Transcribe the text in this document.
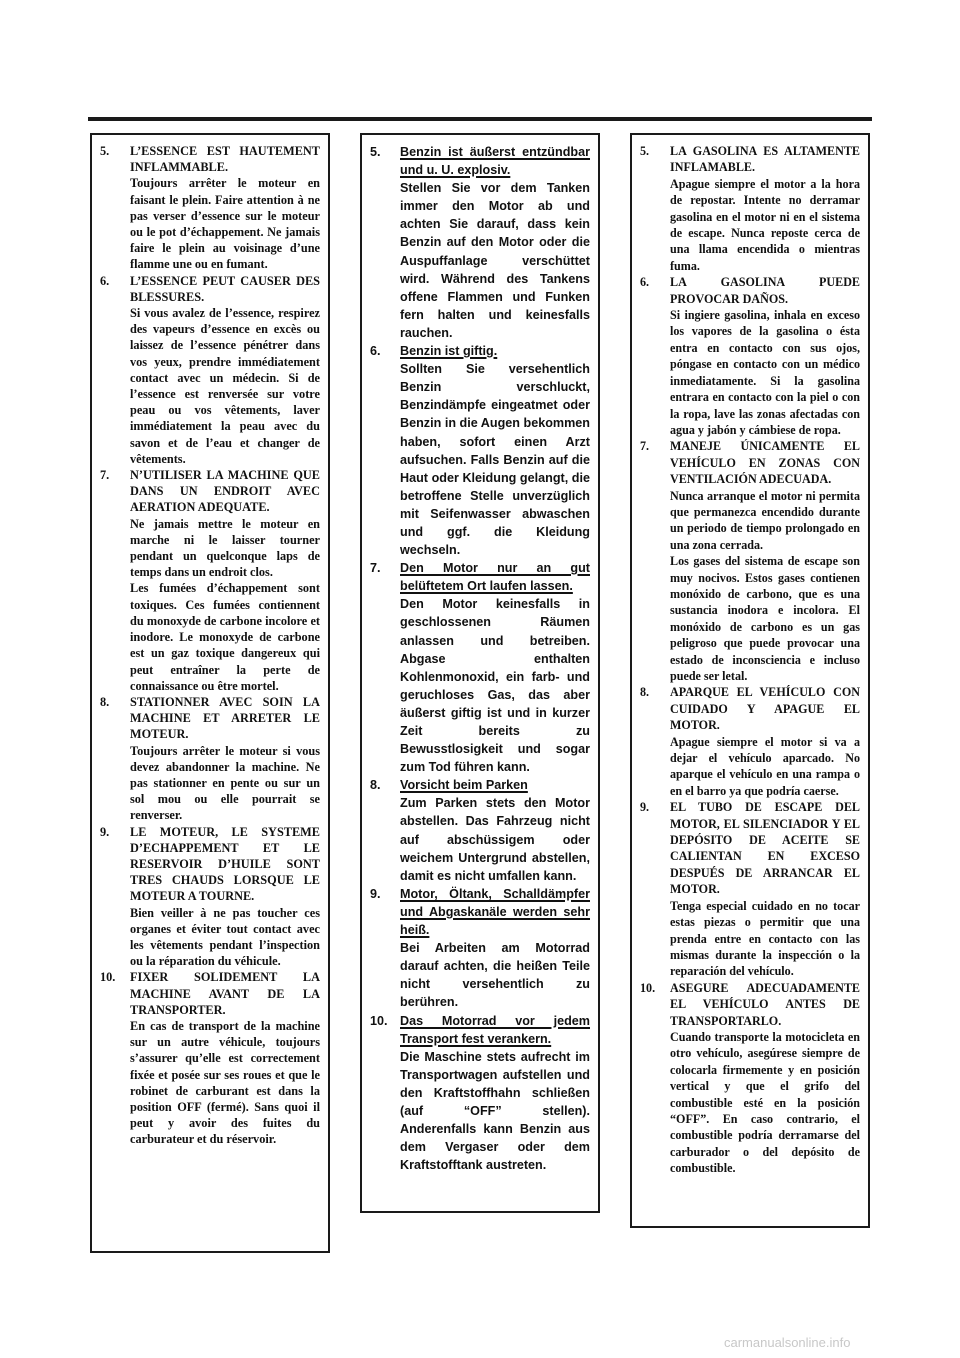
5.	L’ESSENCE EST HAUTEMENT INFLAMMABLE.
Toujours arrêter le moteur en faisant le plein. Faire attention à ne pas verser d’essence sur le moteur ou le pot d’échappement. Ne jamais faire le plein au voisinage d’une flamme une ou en fumant.
6.	L’ESSENCE PEUT CAUSER DES BLESSURES.
Si vous avalez de l’essence, respirez des vapeurs d’essence en excès ou laissez de l’essence pénétrer dans vos yeux, prendre immédiatement contact avec un médecin. Si de l’essence est renversée sur votre peau ou vos vêtements, laver immédiatement la peau avec du savon et de l’eau et changer de vêtements.
7.	N’UTILISER LA MACHINE QUE DANS UN ENDROIT AVEC AERATION ADEQUATE.
Ne jamais mettre le moteur en marche ni le laisser tourner pendant un quelconque laps de temps dans un endroit clos.
Les fumées d’échappement sont toxiques. Ces fumées contiennent du monoxyde de carbone incolore et inodore. Le monoxyde de carbone est un gaz toxique dangereux qui peut entraîner la perte de connaissance ou être mortel.
8.	STATIONNER AVEC SOIN LA MACHINE ET ARRETER LE MOTEUR.
Toujours arrêter le moteur si vous devez abandonner la machine. Ne pas stationner en pente ou sur un sol mou ou elle pourrait se renverser.
9.	LE MOTEUR, LE SYSTEME D’ECHAPPEMENT ET LE RESERVOIR D’HUILE SONT TRES CHAUDS LORSQUE LE MOTEUR A TOURNE.
Bien veiller à ne pas toucher ces organes et éviter tout contact avec les vêtements pendant l’inspection ou la réparation du véhicule.
10.	FIXER SOLIDEMENT LA MACHINE AVANT DE LA TRANSPORTER.
En cas de transport de la machine sur un autre véhicule, toujours s’assurer qu’elle est correctement fixée et posée sur ses roues et que le robinet de carburant est dans la position OFF (fermé). Sans quoi il peut y avoir des fuites du carburateur et du réservoir.
5.	Benzin ist äußerst entzündbar und u. U. explosiv.
Stellen Sie vor dem Tanken immer den Motor ab und achten Sie darauf, dass kein Benzin auf den Motor oder die Auspuffanlage verschüttet wird. Während des Tankens offene Flammen und Funken fern halten und keinesfalls rauchen.
6.	Benzin ist giftig.
Sollten Sie versehentlich Benzin verschluckt, Benzindämpfe eingeatmet oder Benzin in die Augen bekommen haben, sofort einen Arzt aufsuchen. Falls Benzin auf die Haut oder Kleidung gelangt, die betroffene Stelle unverzüglich mit Seifenwasser abwaschen und ggf. die Kleidung wechseln.
7.	Den Motor nur an gut belüftetem Ort laufen lassen.
Den Motor keinesfalls in geschlossenen Räumen anlassen und betreiben. Abgase enthalten Kohlenmonoxid, ein farb- und geruchloses Gas, das aber äußerst giftig ist und in kurzer Zeit bereits zu Bewusstlosigkeit und sogar zum Tod führen kann.
8.	Vorsicht beim Parken
Zum Parken stets den Motor abstellen. Das Fahrzeug nicht auf abschüssigem oder weichem Untergrund abstellen, damit es nicht umfallen kann.
9.	Motor, Öltank, Schalldämpfer und Abgaskanäle werden sehr heiß.
Bei Arbeiten am Motorrad darauf achten, die heißen Teile nicht versehentlich zu berühren.
10. Das Motorrad vor jedem Transport fest verankern.
Die Maschine stets aufrecht im Transportwagen aufstellen und den Kraftstoffhahn schließen (auf “OFF” stellen). Anderenfalls kann Benzin aus dem Vergaser oder dem Kraftstofftank austreten.
5.	LA GASOLINA ES ALTAMENTE INFLAMABLE.
Apague siempre el motor a la hora de repostar. Intente no derramar gasolina en el motor ni en el sistema de escape. Nunca reposte cerca de una llama encendida o mientras fuma.
6.	LA GASOLINA PUEDE PROVOCAR DAÑOS.
Si ingiere gasolina, inhala en exceso los vapores de la gasolina o ésta entra en contacto con sus ojos, póngase en contacto con un médico inmediatamente. Si la gasolina entrara en contacto con la piel o con la ropa, lave las zonas afectadas con agua y jabón y cámbiese de ropa.
7.	MANEJE ÚNICAMENTE EL VEHÍCULO EN ZONAS CON VENTILACIÓN ADECUADA.
Nunca arranque el motor ni permita que permanezca encendido durante un periodo de tiempo prolongado en una zona cerrada.
Los gases del sistema de escape son muy nocivos. Estos gases contienen monóxido de carbono, que es una sustancia inodora e incolora. El monóxido de carbono es un gas peligroso que puede provocar una estado de inconsciencia e incluso puede ser letal.
8.	APARQUE EL VEHÍCULO CON CUIDADO Y APAGUE EL MOTOR.
Apague siempre el motor si va a dejar el vehículo aparcado. No aparque el vehículo en una rampa o en el barro ya que podría caerse.
9.	EL TUBO DE ESCAPE DEL MOTOR, EL SILENCIADOR Y EL DEPÓSITO DE ACEITE SE CALIENTAN EN EXCESO DESPUÉS DE ARRANCAR EL MOTOR.
Tenga especial cuidado en no tocar estas piezas o permitir que una prenda entre en contacto con las mismas durante la inspección o la reparación del vehículo.
10.	ASEGURE ADECUADAMENTE EL VEHÍCULO ANTES DE TRANSPORTARLO.
Cuando transporte la motocicleta en otro vehículo, asegúrese siempre de colocarla firmemente y en posición vertical y que el grifo del combustible esté en la posición “OFF”. En caso contrario, el combustible podría derramarse del carburador o del depósito de combustible.
carmanualsonline.info
